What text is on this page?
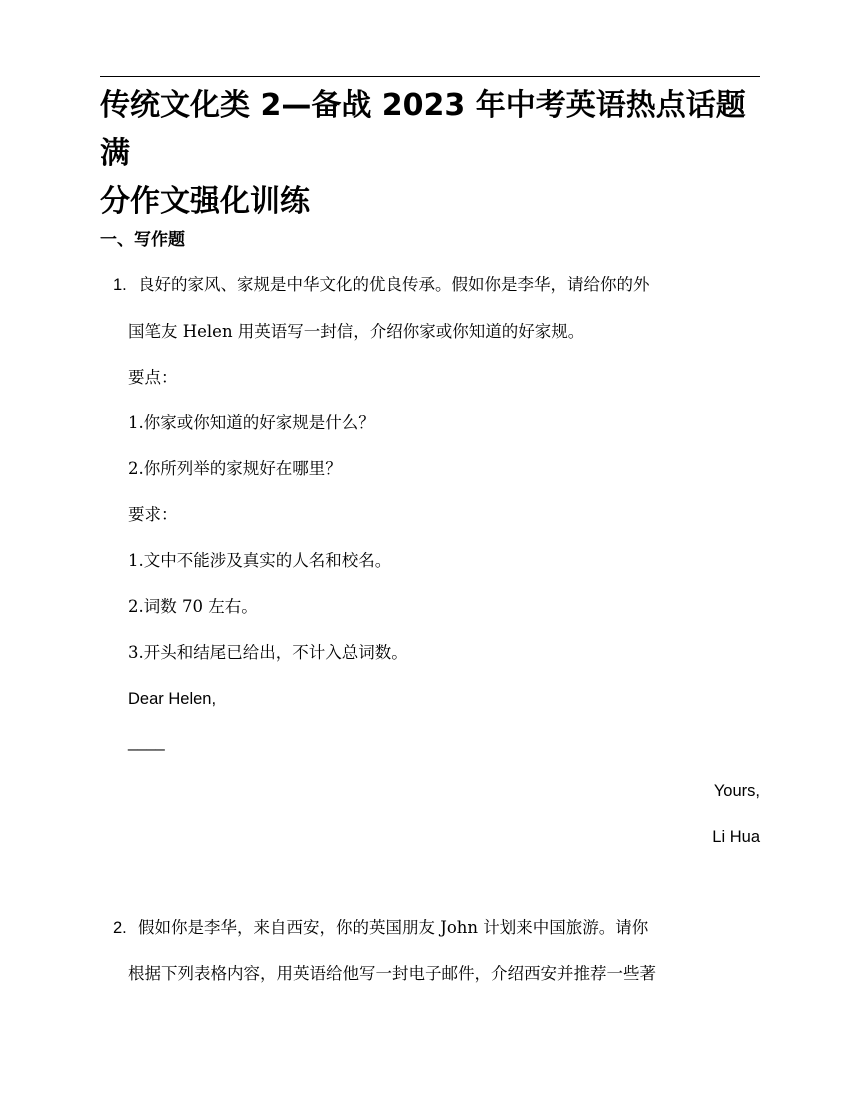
传统文化类 2—备战 2023 年中考英语热点话题满
分作文强化训练
一、写作题
1. 良好的家风、家规是中华文化的优良传承。假如你是李华，请给你的外
国笔友 Helen 用英语写一封信，介绍你家或你知道的好家规。
要点：
1.你家或你知道的好家规是什么？
2.你所列举的家规好在哪里？
要求：
1.文中不能涉及真实的人名和校名。
2.词数 70 左右。
3.开头和结尾已给出，不计入总词数。
Dear Helen,
____
Yours,
Li Hua
2. 假如你是李华，来自西安，你的英国朋友 John 计划来中国旅游。请你
根据下列表格内容，用英语给他写一封电子邮件，介绍西安并推荐一些著
